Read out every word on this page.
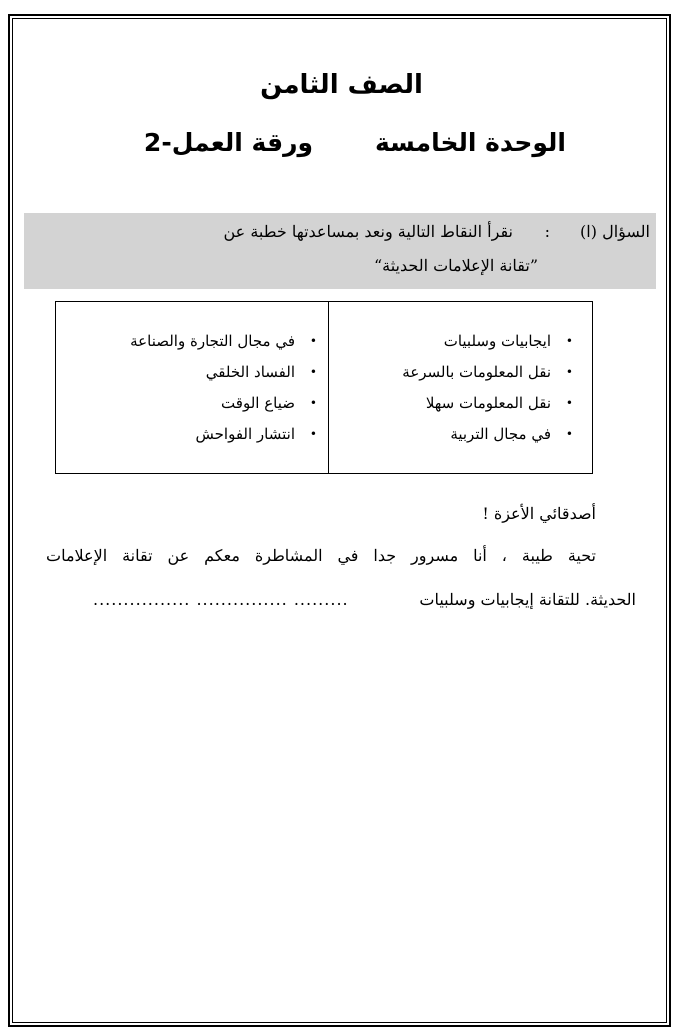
الصف الثامن
الوحدة الخامسة
ورقة العمل-2
السؤال (ا)
:
نقرأ النقاط التالية ونعد بمساعدتها خطبة عن
”تقانة الإعلامات الحديثة“
• ايجابيات وسلبيات
• نقل المعلومات بالسرعة
• نقل المعلومات سهلا
• في مجال التربية
• في مجال التجارة والصناعة
• الفساد الخلقي
• ضياع الوقت
• انتشار الفواحش
أصدقائي الأعزة !
تحية طيبة ، أنا مسرور جدا في المشاطرة معكم عن تقانة الإعلامات
الحديثة. للتقانة إيجابيات وسلبيات
................ ............... .........
